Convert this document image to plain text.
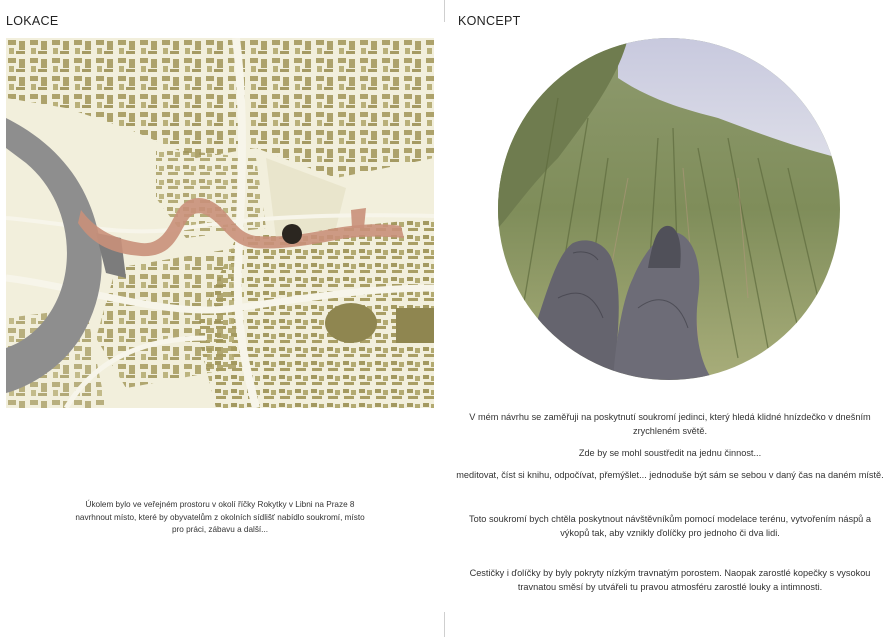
LOKACE	KONCEPT
Úkolem bylo ve veřejném prostoru v okolí říčky Rokytky v Libni na Praze 8 navrhnout místo, které by obyvatelům z okolních sídlišť nabídlo soukromí, místo pro práci, zábavu a další...

V mém návrhu se zaměřuji na poskytnutí soukromí jedinci, který hledá klidné hnízdečko v dnešním zrychleném světě.

Zde by se mohl soustředit na jednu činnost...

meditovat, číst si knihu, odpočívat, přemýšlet... jednoduše být sám se sebou v daný čas na daném místě.

Toto soukromí bych chtěla poskytnout návštěvníkům pomocí modelace terénu, vytvořením náspů a výkopů tak, aby vznikly ďolíčky pro jednoho či dva lidi.

Cestičky i ďolíčky by byly pokryty nízkým travnatým porostem. Naopak zarostlé kopečky s vysokou travnatou směsí by utvářeli tu pravou atmosféru zarostlé louky a intimnosti.
